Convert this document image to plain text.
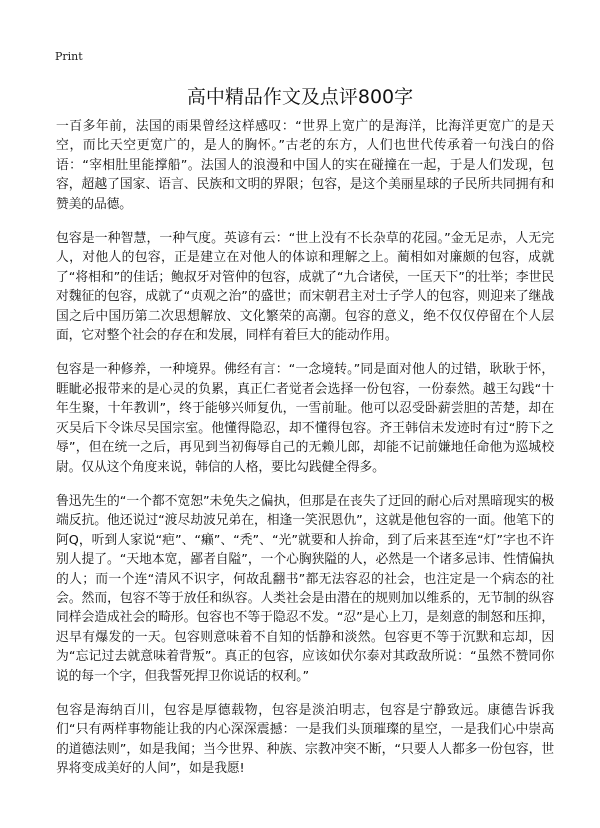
Print
高中精品作文及点评800字

一百多年前，法国的雨果曾经这样感叹：“世界上宽广的是海洋，比海洋更宽广的是天空，而比天空更宽广的，是人的胸怀。”古老的东方，人们也世代传承着一句浅白的俗语：“宰相肚里能撑船”。法国人的浪漫和中国人的实在碰撞在一起，于是人们发现，包容，超越了国家、语言、民族和文明的界限；包容，是这个美丽星球的子民所共同拥有和赞美的品德。

包容是一种智慧，一种气度。英谚有云：“世上没有不长杂草的花园。”金无足赤，人无完人，对他人的包容，正是建立在对他人的体谅和理解之上。蔺相如对廉颇的包容，成就了“将相和”的佳话；鲍叔牙对管仲的包容，成就了“九合诸侯，一匡天下”的壮举；李世民对魏征的包容，成就了“贞观之治”的盛世；而宋朝君主对士子学人的包容，则迎来了继战国之后中国历第二次思想解放、文化繁荣的高潮。包容的意义，绝不仅仅停留在个人层面，它对整个社会的存在和发展，同样有着巨大的能动作用。

包容是一种修养，一种境界。佛经有言：“一念境转。”同是面对他人的过错，耿耿于怀，睚眦必报带来的是心灵的负累，真正仁者觉者会选择一份包容，一份泰然。越王勾践“十年生聚，十年教训”，终于能够兴师复仇，一雪前耻。他可以忍受卧薪尝胆的苦楚，却在灭吴后下令诛尽吴国宗室。他懂得隐忍，却不懂得包容。齐王韩信未发迹时有过“胯下之辱”，但在统一之后，再见到当初侮辱自己的无赖儿郎，却能不记前嫌地任命他为巡城校尉。仅从这个角度来说，韩信的人格，要比勾践健全得多。

鲁迅先生的“一个都不宽恕”未免失之偏执，但那是在丧失了迂回的耐心后对黑暗现实的极端反抗。他还说过“渡尽劫波兄弟在，相逢一笑泯恩仇”，这就是他包容的一面。他笔下的阿Q，听到人家说“疤”、“癞”、“秃”、“光”就要和人拚命，到了后来甚至连“灯”字也不许别人提了。“天地本宽，鄙者自隘”，一个心胸狭隘的人，必然是一个诸多忌讳、性情偏执的人；而一个连“清风不识字，何故乱翻书”都无法容忍的社会，也注定是一个病态的社会。然而，包容不等于放任和纵容。人类社会是由潜在的规则加以维系的，无节制的纵容同样会造成社会的畸形。包容也不等于隐忍不发。“忍”是心上刀，是刻意的制怒和压抑，迟早有爆发的一天。包容则意味着不自知的恬静和淡然。包容更不等于沉默和忘却，因为“忘记过去就意味着背叛”。真正的包容，应该如伏尔泰对其政敌所说：“虽然不赞同你说的每一个字，但我誓死捍卫你说话的权利。”

包容是海纳百川，包容是厚德载物，包容是淡泊明志，包容是宁静致远。康德告诉我们“只有两样事物能让我的内心深深震撼：一是我们头顶璀璨的星空，一是我们心中崇高的道德法则”，如是我闻；当今世界、种族、宗教冲突不断，“只要人人都多一份包容，世界将变成美好的人间”，如是我愿!
